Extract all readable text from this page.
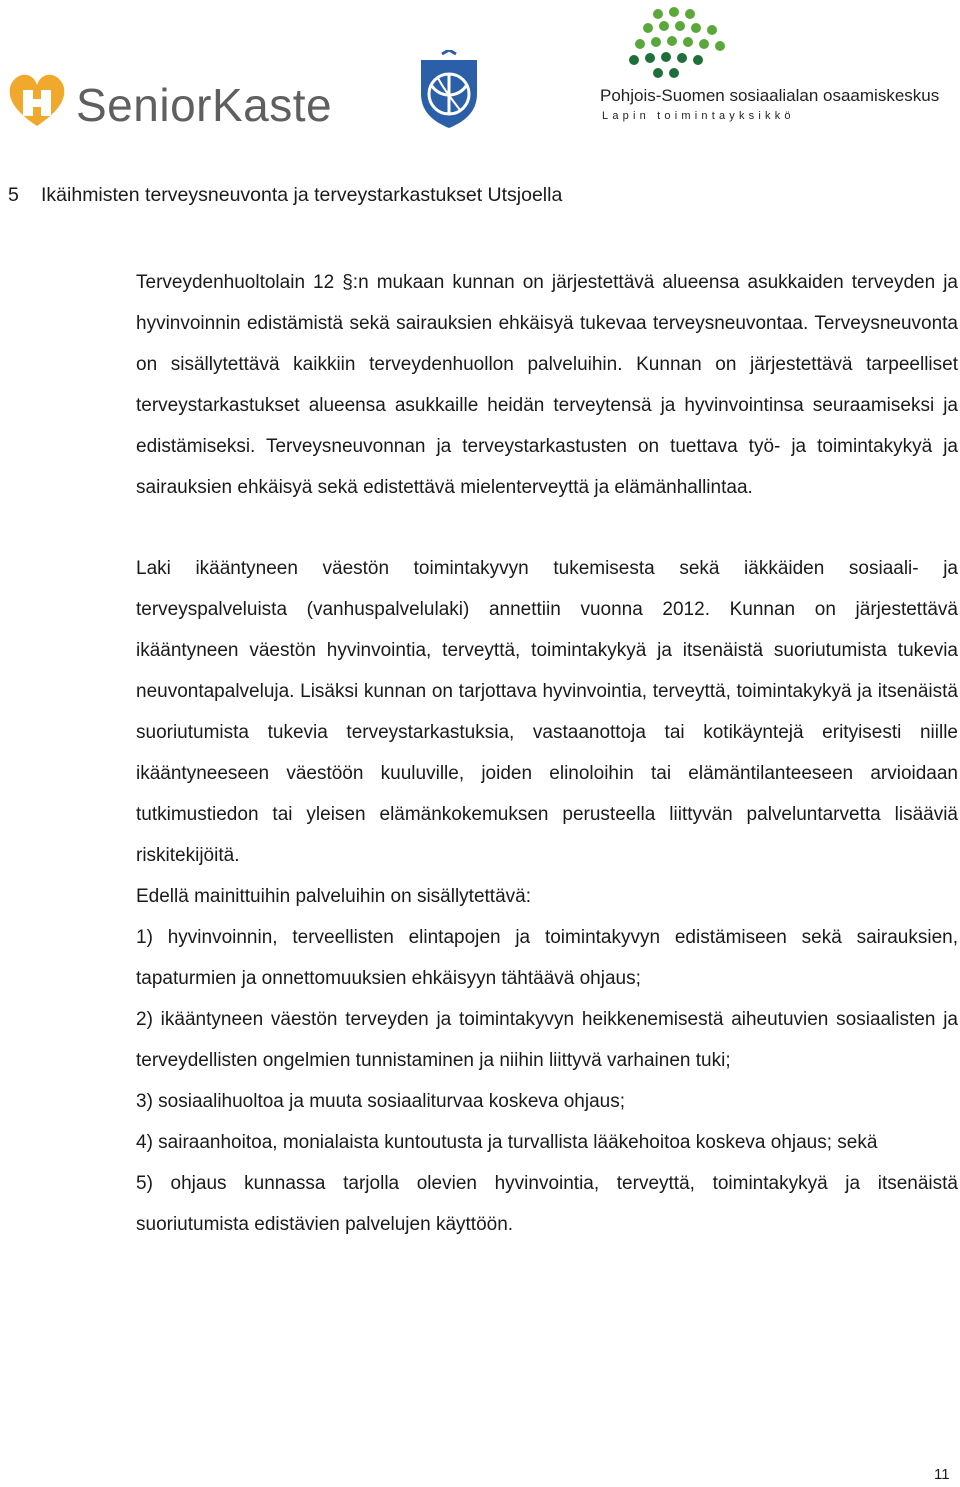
SeniorKaste	Pohjois-Suomen sosiaalialan osaamiskeskus
Lapin toimintayksikkö
5 Ikäihmisten terveysneuvonta ja terveystarkastukset Utsjoella

Terveydenhuoltolain 12 §:n mukaan kunnan on järjestettävä alueensa asukkaiden terveyden ja hyvinvoinnin edistämistä sekä sairauksien ehkäisyä tukevaa terveysneuvontaa. Terveysneuvonta on sisällytettävä kaikkiin terveydenhuollon palveluihin. Kunnan on järjestettävä tarpeelliset terveystarkastukset alueensa asukkaille heidän terveytensä ja hyvinvointinsa seuraamiseksi ja edistämiseksi. Terveysneuvonnan ja terveystarkastusten on tuettava työ- ja toimintakykyä ja sairauksien ehkäisyä sekä edistettävä mielenterveyttä ja elämänhallintaa.

Laki ikääntyneen väestön toimintakyvyn tukemisesta sekä iäkkäiden sosiaali- ja terveyspalveluista (vanhuspalvelulaki) annettiin vuonna 2012. Kunnan on järjestettävä ikääntyneen väestön hyvinvointia, terveyttä, toimintakykyä ja itsenäistä suoriutumista tukevia neuvontapalveluja. Lisäksi kunnan on tarjottava hyvinvointia, terveyttä, toimintakykyä ja itsenäistä suoriutumista tukevia terveystarkastuksia, vastaanottoja tai kotikäyntejä erityisesti niille ikääntyneeseen väestöön kuuluville, joiden elinoloihin tai elämäntilanteeseen arvioidaan tutkimustiedon tai yleisen elämänkokemuksen perusteella liittyvän palveluntarvetta lisääviä riskitekijöitä.

Edellä mainittuihin palveluihin on sisällytettävä:

1) hyvinvoinnin, terveellisten elintapojen ja toimintakyvyn edistämiseen sekä sairauksien, tapaturmien ja onnettomuuksien ehkäisyyn tähtäävä ohjaus;

2) ikääntyneen väestön terveyden ja toimintakyvyn heikkenemisestä aiheutuvien sosiaalisten ja terveydellisten ongelmien tunnistaminen ja niihin liittyvä varhainen tuki;

3) sosiaalihuoltoa ja muuta sosiaaliturvaa koskeva ohjaus;

4) sairaanhoitoa, monialaista kuntoutusta ja turvallista lääkehoitoa koskeva ohjaus; sekä

5) ohjaus kunnassa tarjolla olevien hyvinvointia, terveyttä, toimintakykyä ja itsenäistä suoriutumista edistävien palvelujen käyttöön.

11
